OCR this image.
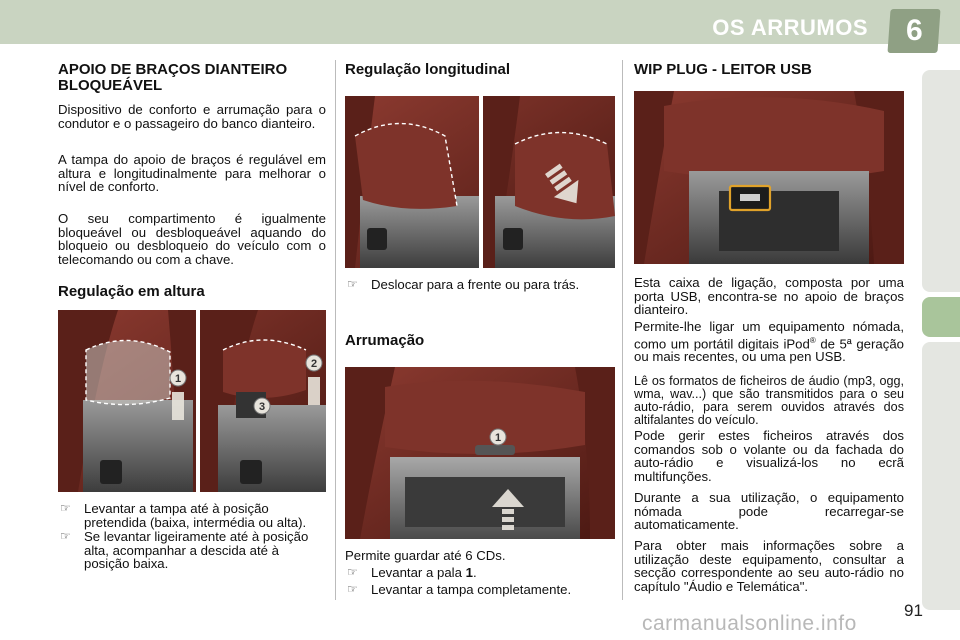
OS ARRUMOS 6
APOIO DE BRAÇOS DIANTEIRO BLOQUEÁVEL
Dispositivo de conforto e arrumação para o condutor e o passageiro do banco dianteiro.
A tampa do apoio de braços é regulável em altura e longitudinalmente para melhorar o nível de conforto.
O seu compartimento é igualmente bloqueável ou desbloqueável aquando do bloqueio ou desbloqueio do veículo com o telecomando ou com a chave.
Regulação em altura
1
2
3
☞ Levantar a tampa até à posição pretendida (baixa, intermédia ou alta).
☞ Se levantar ligeiramente até à posição alta, acompanhar a descida até à posição baixa.
Regulação longitudinal
☞ Deslocar para a frente ou para trás.
Arrumação
1
Permite guardar até 6 CDs.
☞ Levantar a pala 1.
☞ Levantar a tampa completamente.
WIP PLUG - LEITOR USB
Esta caixa de ligação, composta por uma porta USB, encontra-se no apoio de braços dianteiro.
Permite-lhe ligar um equipamento nómada, como um portátil digitais iPod® de 5ª geração ou mais recentes, ou uma pen USB.
Lê os formatos de ficheiros de áudio (mp3, ogg, wma, wav...) que são transmitidos para o seu auto-rádio, para serem ouvidos através dos altifalantes do veículo.
Pode gerir estes ficheiros através dos comandos sob o volante ou da fachada do auto-rádio e visualizá-los no ecrã multifunções.
Durante a sua utilização, o equipamento nómada pode recarregar-se automaticamente.
Para obter mais informações sobre a utilização deste equipamento, consultar a secção correspondente ao seu auto-rádio no capítulo "Áudio e Telemática".
91
carmanualsonline.info
